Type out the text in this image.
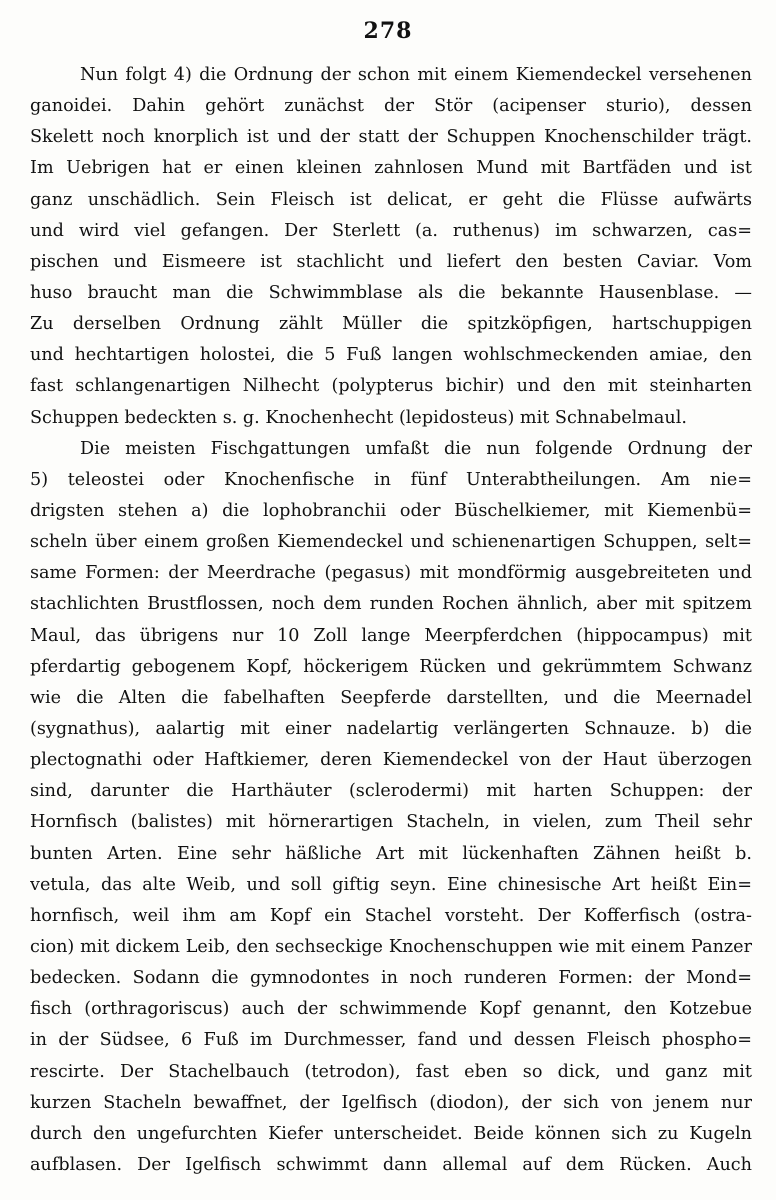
278
Nun folgt 4) die Ordnung der schon mit einem Kiemendeckel versehenen
ganoidei. Dahin gehört zunächst der Stör (acipenser sturio), dessen
Skelett noch knorplich ist und der statt der Schuppen Knochenschilder trägt.
Im Uebrigen hat er einen kleinen zahnlosen Mund mit Bartfäden und ist
ganz unschädlich. Sein Fleisch ist delicat, er geht die Flüsse aufwärts
und wird viel gefangen. Der Sterlett (a. ruthenus) im schwarzen, cas=
pischen und Eismeere ist stachlicht und liefert den besten Caviar. Vom
huso braucht man die Schwimmblase als die bekannte Hausenblase. —
Zu derselben Ordnung zählt Müller die spitzköpfigen, hartschuppigen
und hechtartigen holostei, die 5 Fuß langen wohlschmeckenden amiae, den
fast schlangenartigen Nilhecht (polypterus bichir) und den mit steinharten
Schuppen bedeckten s. g. Knochenhecht (lepidosteus) mit Schnabelmaul.
Die meisten Fischgattungen umfaßt die nun folgende Ordnung der
5) teleostei oder Knochenfische in fünf Unterabtheilungen. Am nie=
drigsten stehen a) die lophobranchii oder Büschelkiemer, mit Kiemenbü=
scheln über einem großen Kiemendeckel und schienenartigen Schuppen, selt=
same Formen: der Meerdrache (pegasus) mit mondförmig ausgebreiteten und
stachlichten Brustflossen, noch dem runden Rochen ähnlich, aber mit spitzem
Maul, das übrigens nur 10 Zoll lange Meerpferdchen (hippocampus) mit
pferdartig gebogenem Kopf, höckerigem Rücken und gekrümmtem Schwanz
wie die Alten die fabelhaften Seepferde darstellten, und die Meernadel
(sygnathus), aalartig mit einer nadelartig verlängerten Schnauze. b) die
plectognathi oder Haftkiemer, deren Kiemendeckel von der Haut überzogen
sind, darunter die Harthäuter (sclerodermi) mit harten Schuppen: der
Hornfisch (balistes) mit hörnerartigen Stacheln, in vielen, zum Theil sehr
bunten Arten. Eine sehr häßliche Art mit lückenhaften Zähnen heißt b.
vetula, das alte Weib, und soll giftig seyn. Eine chinesische Art heißt Ein=
hornfisch, weil ihm am Kopf ein Stachel vorsteht. Der Kofferfisch (ostra-
cion) mit dickem Leib, den sechseckige Knochenschuppen wie mit einem Panzer
bedecken. Sodann die gymnodontes in noch runderen Formen: der Mond=
fisch (orthragoriscus) auch der schwimmende Kopf genannt, den Kotzebue
in der Südsee, 6 Fuß im Durchmesser, fand und dessen Fleisch phospho=
rescirte. Der Stachelbauch (tetrodon), fast eben so dick, und ganz mit
kurzen Stacheln bewaffnet, der Igelfisch (diodon), der sich von jenem nur
durch den ungefurchten Kiefer unterscheidet. Beide können sich zu Kugeln
aufblasen. Der Igelfisch schwimmt dann allemal auf dem Rücken. Auch
